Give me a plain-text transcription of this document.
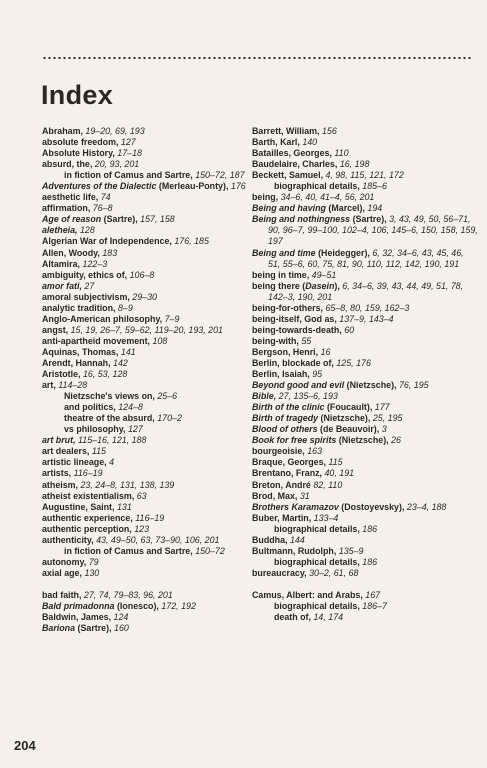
Index
Abraham, 19–20, 69, 193
absolute freedom, 127
Absolute History, 17–18
absurd, the, 20, 93, 201
in fiction of Camus and Sartre, 150–72, 187
Adventures of the Dialectic (Merleau-Ponty), 176
aesthetic life, 74
affirmation, 76–8
Age of reason (Sartre), 157, 158
aletheia, 128
Algerian War of Independence, 176, 185
Allen, Woody, 183
Altamira, 122–3
ambiguity, ethics of, 106–8
amor fati, 27
amoral subjectivism, 29–30
analytic tradition, 8–9
Anglo-American philosophy, 7–9
angst, 15, 19, 26–7, 59–62, 119–20, 193, 201
anti-apartheid movement, 108
Aquinas, Thomas, 141
Arendt, Hannah, 142
Aristotle, 16, 53, 128
art, 114–28
Nietzsche's views on, 25–6
and politics, 124–8
theatre of the absurd, 170–2
vs philosophy, 127
art brut, 115–16, 121, 188
art dealers, 115
artistic lineage, 4
artists, 116–19
atheism, 23, 24–8, 131, 138, 139
atheist existentialism, 63
Augustine, Saint, 131
authentic experience, 116–19
authentic perception, 123
authenticity, 43, 49–50, 63, 73–90, 106, 201
in fiction of Camus and Sartre, 150–72
autonomy, 79
axial age, 130
bad faith, 27, 74, 79–83, 96, 201
Bald primadonna (Ionesco), 172, 192
Baldwin, James, 124
Bariona (Sartre), 160
Barrett, William, 156
Barth, Karl, 140
Batailles, Georges, 110
Baudelaire, Charles, 16, 198
Beckett, Samuel, 4, 98, 115, 121, 172
biographical details, 185–6
being, 34–6, 40, 41–4, 56, 201
Being and having (Marcel), 194
Being and nothingness (Sartre), 3, 43, 49, 50, 56–71, 90, 96–7, 99–100, 102–4, 106, 145–6, 150, 158, 159, 197
Being and time (Heidegger), 6, 32, 34–6, 43, 45, 46, 51, 55–6, 60, 75, 81, 90, 110, 112, 142, 190, 191
being in time, 49–51
being there (Dasein), 6, 34–6, 39, 43, 44, 49, 51, 78, 142–3, 190, 201
being-for-others, 65–8, 80, 159, 162–3
being-itself, God as, 137–9, 143–4
being-towards-death, 60
being-with, 55
Bergson, Henri, 16
Berlin, blockade of, 125, 176
Berlin, Isaiah, 95
Beyond good and evil (Nietzsche), 76, 195
Bible, 27, 135–6, 193
Birth of the clinic (Foucault), 177
Birth of tragedy (Nietzsche), 25, 195
Blood of others (de Beauvoir), 3
Book for free spirits (Nietzsche), 26
bourgeoisie, 163
Braque, Georges, 115
Brentano, Franz, 40, 191
Breton, André 82, 110
Brod, Max, 31
Brothers Karamazov (Dostoyevsky), 23–4, 188
Buber, Martin, 133–4
biographical details, 186
Buddha, 144
Bultmann, Rudolph, 135–9
biographical details, 186
bureaucracy, 30–2, 61, 68
Camus, Albert: and Arabs, 167
biographical details, 186–7
death of, 14, 174
204
